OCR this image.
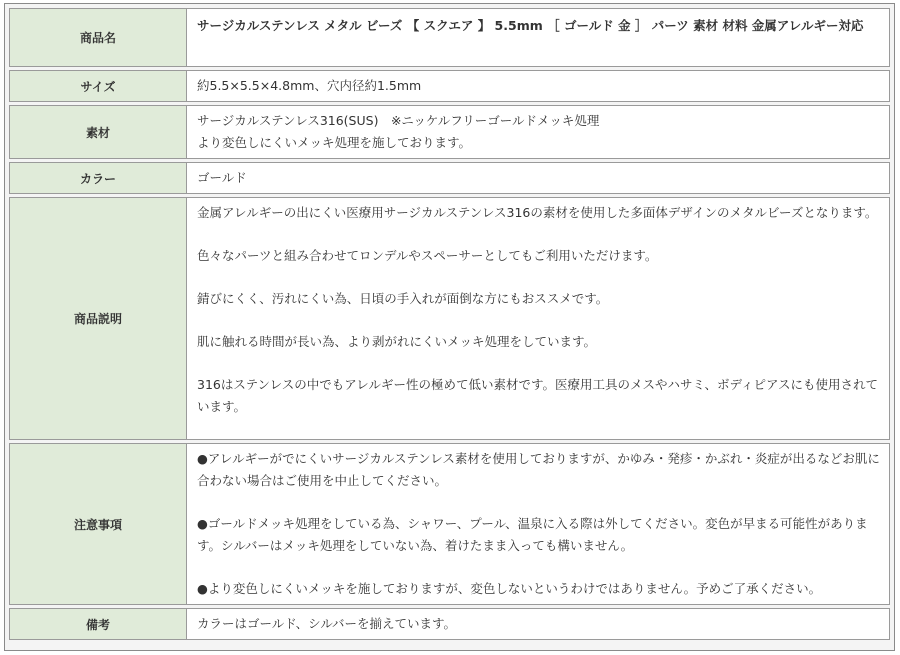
商品名	サージカルステンレス メタル ビーズ 【 スクエア 】 5.5mm ［ ゴールド 金 ］ パーツ 素材 材料 金属アレルギー対応
サイズ	約5.5×5.5×4.8mm、穴内径約1.5mm
素材	サージカルステンレス316(SUS)　※ニッケルフリーゴールドメッキ処理
より変色しにくいメッキ処理を施しております。

カラー	ゴールド
商品説明	金属アレルギーの出にくい医療用サージカルステンレス316の素材を使用した多面体デザインのメタルビーズとなります。
色々なパーツと組み合わせてロンデルやスペーサーとしてもご利用いただけます。
錆びにくく、汚れにくい為、日頃の手入れが面倒な方にもおススメです。
肌に触れる時間が長い為、より剥がれにくいメッキ処理をしています。
316はステンレスの中でもアレルギー性の極めて低い素材です。医療用工具のメスやハサミ、ボディピアスにも使用されています。

注意事項	●アレルギーがでにくいサージカルステンレス素材を使用しておりますが、かゆみ・発疹・かぶれ・炎症が出るなどお肌に合わない場合はご使用を中止してください。
●ゴールドメッキ処理をしている為、シャワー、プール、温泉に入る際は外してください。変色が早まる可能性があります。シルバーはメッキ処理をしていない為、着けたまま入っても構いません。
●より変色しにくいメッキを施しておりますが、変色しないというわけではありません。予めご了承ください。

備考	カラーはゴールド、シルバーを揃えています。
